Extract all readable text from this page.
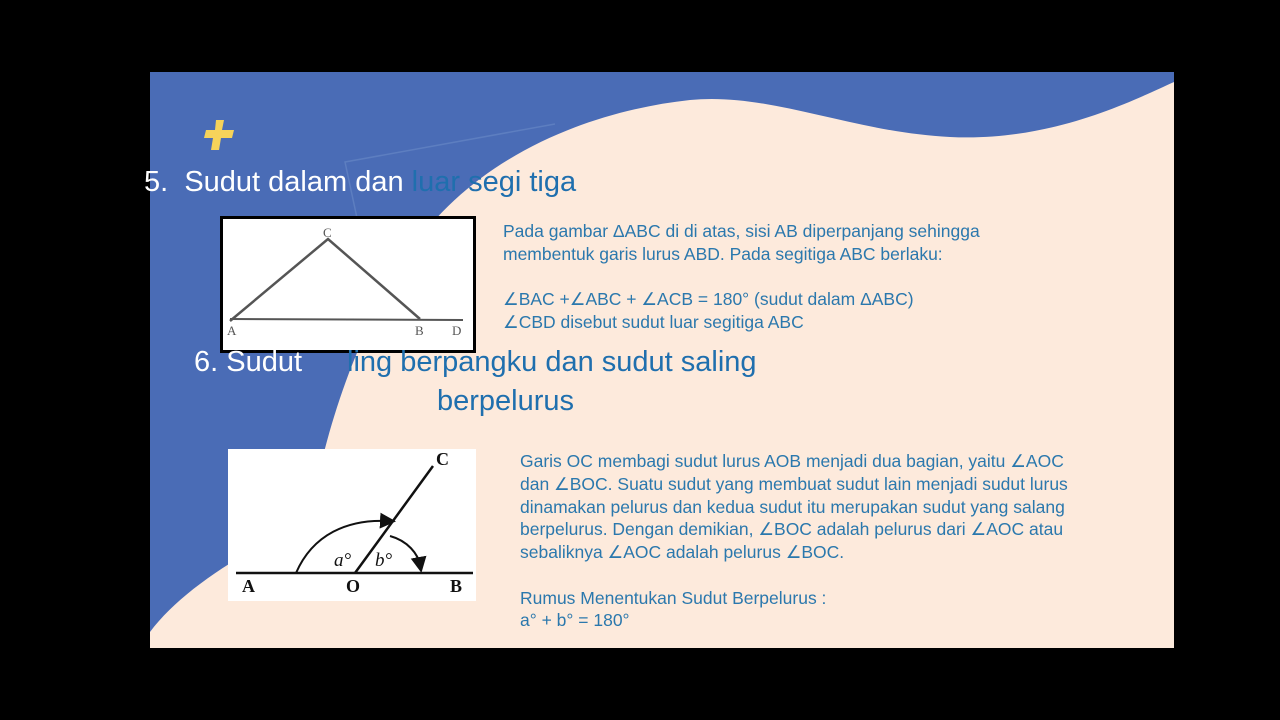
5. Sudut dalam dan luar segi tiga
C
A	B D
Pada gambar ΔABC di di atas, sisi AB diperpanjang sehingga
membentuk garis lurus ABD. Pada segitiga ABC berlaku:
∠BAC +∠ABC + ∠ACB = 180° (sudut dalam ΔABC)
∠CBD disebut sudut luar segitiga ABC
6. Sudut ling berpangku dan sudut saling
berpelurus
C
A	O	B
a° b°
Garis OC membagi sudut lurus AOB menjadi dua bagian, yaitu ∠AOC
dan ∠BOC. Suatu sudut yang membuat sudut lain menjadi sudut lurus
dinamakan pelurus dan kedua sudut itu merupakan sudut yang salang
berpelurus. Dengan demikian, ∠BOC adalah pelurus dari ∠AOC atau
sebaliknya ∠AOC adalah pelurus ∠BOC.
Rumus Menentukan Sudut Berpelurus :
a° + b° = 180°
